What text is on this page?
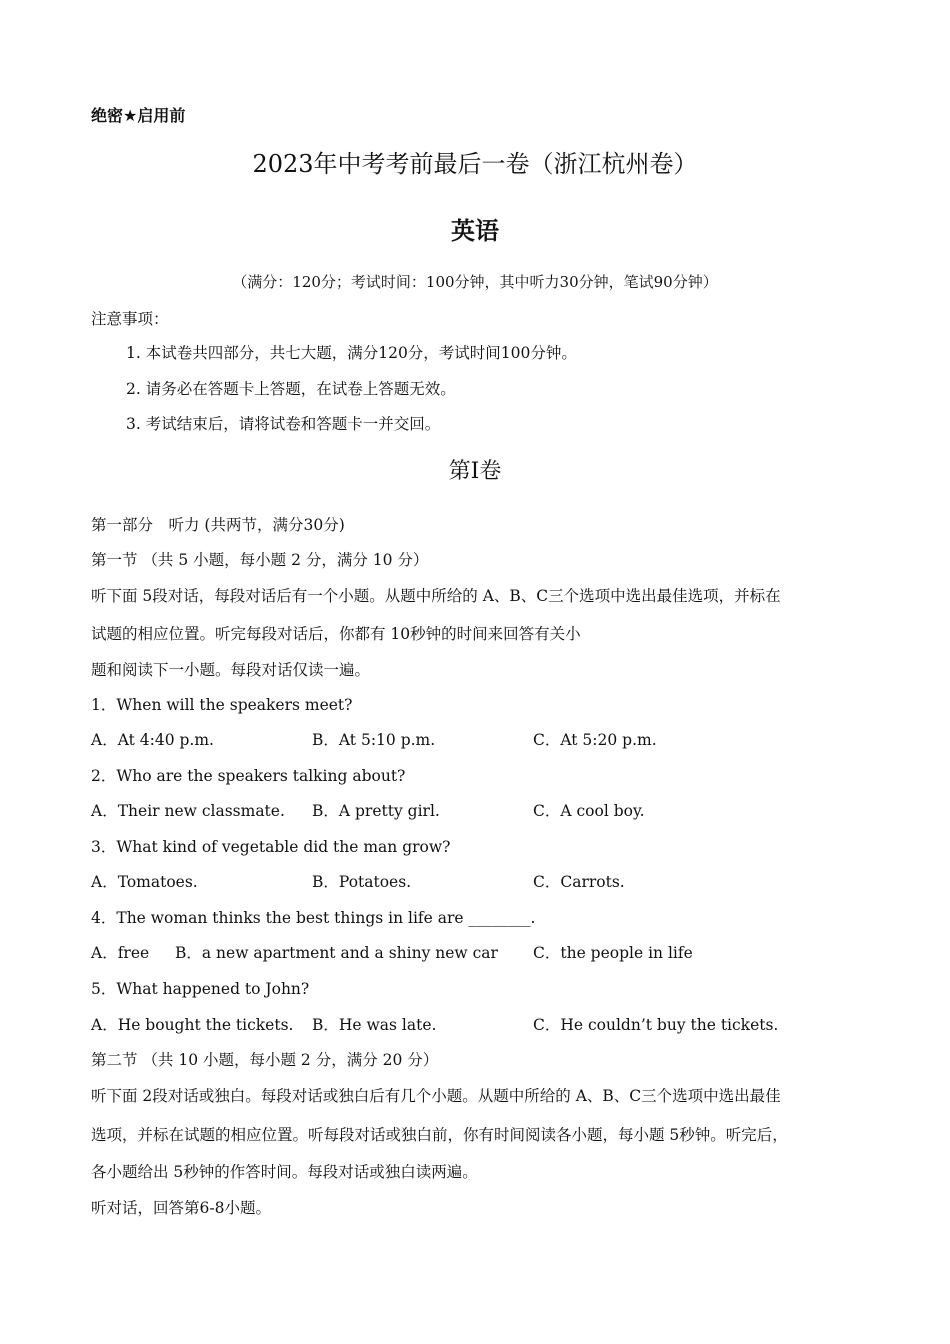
绝密★启用前
2023年中考考前最后一卷（浙江杭州卷）
英语
（满分：120分；考试时间：100分钟，其中听力30分钟，笔试90分钟）
注意事项：
1. 本试卷共四部分，共七大题，满分120分，考试时间100分钟。
2. 请务必在答题卡上答题，在试卷上答题无效。
3. 考试结束后，请将试卷和答题卡一并交回。
第I卷
第一部分　听力 (共两节，满分30分)
第一节 （共 5 小题，每小题 2 分，满分 10 分）
听下面 5段对话，每段对话后有一个小题。从题中所给的 A、B、C三个选项中选出最佳选项，并标在
试题的相应位置。听完每段对话后，你都有 10秒钟的时间来回答有关小
题和阅读下一小题。每段对话仅读一遍。
1．When will the speakers meet?
A．At 4:40 p.m.	B．At 5:10 p.m.	C．At 5:20 p.m.
2．Who are the speakers talking about?
A．Their new classmate. B．A pretty girl.	C．A cool boy.
3．What kind of vegetable did the man grow?
A．Tomatoes.	B．Potatoes.	C．Carrots.
4．The woman thinks the best things in life are ________.
A．free B．a new apartment and a shiny new car C．the people in life
5．What happened to John?
A．He bought the tickets. B．He was late.	C．He couldn’t buy the tickets.
第二节 （共 10 小题，每小题 2 分，满分 20 分）
听下面 2段对话或独白。每段对话或独白后有几个小题。从题中所给的 A、B、C三个选项中选出最佳
选项，并标在试题的相应位置。听每段对话或独白前，你有时间阅读各小题，每小题 5秒钟。听完后，
各小题给出 5秒钟的作答时间。每段对话或独白读两遍。
听对话，回答第6-8小题。
